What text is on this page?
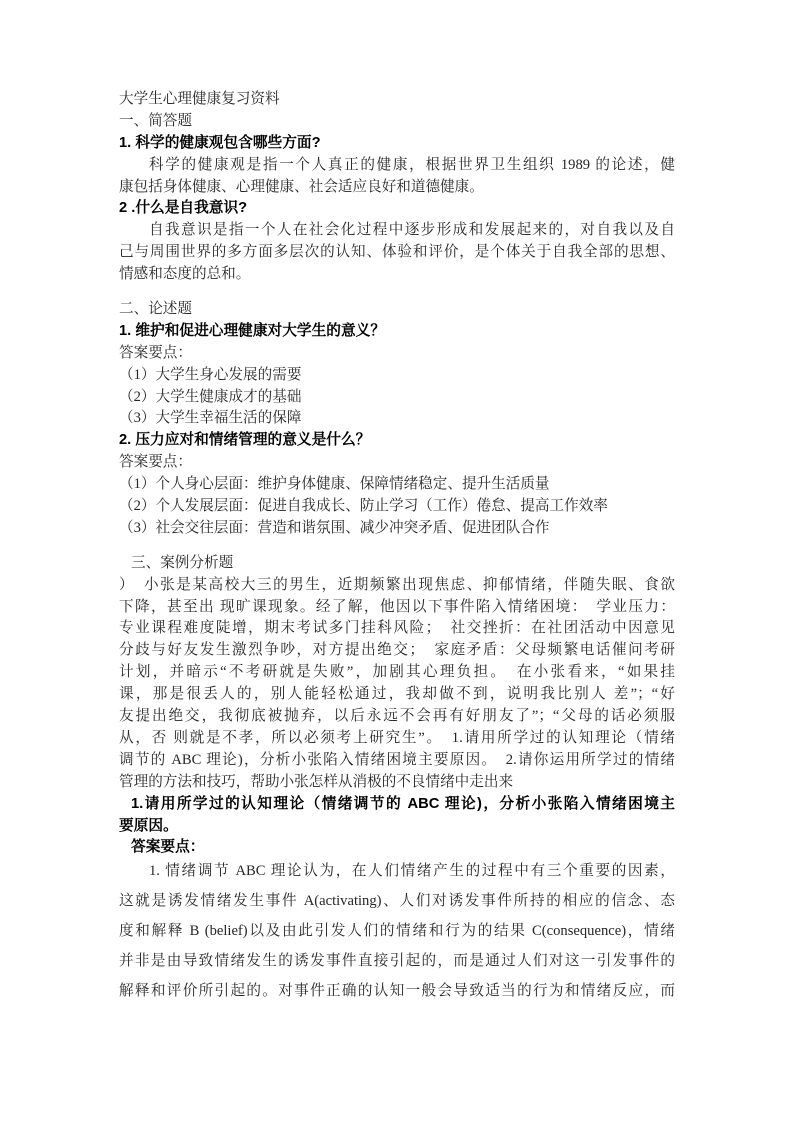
大学生心理健康复习资料
一、简答题
1. 科学的健康观包含哪些方面?
科学的健康观是指一个人真正的健康，根据世界卫生组织 1989 的论述，健
康包括身体健康、心理健康、社会适应良好和道德健康。
2 .什么是自我意识?
自我意识是指一个人在社会化过程中逐步形成和发展起来的，对自我以及自
己与周围世界的多方面多层次的认知、体验和评价，是个体关于自我全部的思想、
情感和态度的总和。
二、论述题
1. 维护和促进心理健康对大学生的意义？
答案要点：
（1）大学生身心发展的需要
（2）大学生健康成才的基础
（3）大学生幸福生活的保障
2. 压力应对和情绪管理的意义是什么？
答案要点：
（1）个人身心层面：维护身体健康、保障情绪稳定、提升生活质量
（2）个人发展层面：促进自我成长、防止学习（工作）倦怠、提高工作效率
（3）社会交往层面：营造和谐氛围、减少冲突矛盾、促进团队合作
三、案例分析题
）　小张是某高校大三的男生，近期频繁出现焦虑、抑郁情绪，伴随失眠、食欲
下降，甚至出 现旷课现象。经了解，他因以下事件陷入情绪困境：　学业压力：
专业课程难度陡增，期末考试多门挂科风险；　社交挫折：在社团活动中因意见
分歧与好友发生激烈争吵，对方提出绝交；　家庭矛盾：父母频繁电话催问考研
计划，并暗示“不考研就是失败”，加剧其心理负担。　在小张看来，“如果挂
课，那是很丢人的，别人能轻松通过，我却做不到，说明我比别人 差”；“好
友提出绝交，我彻底被抛弃，以后永远不会再有好朋友了”；“父母的话必须服
从，否 则就是不孝，所以必须考上研究生”。　1.请用所学过的认知理论（情绪
调节的 ABC 理论)，分析小张陷入情绪困境主要原因。　2.请你运用所学过的情绪
管理的方法和技巧，帮助小张怎样从消极的不良情绪中走出来
1.请用所学过的认知理论（情绪调节的 ABC 理论)，分析小张陷入情绪困境主
要原因。
答案要点：
1. 情绪调节 ABC 理论认为，在人们情绪产生的过程中有三个重要的因素，
这就是诱发情绪发生事件 A(activating)、人们对诱发事件所持的相应的信念、态
度和解释 B (belief)以及由此引发人们的情绪和行为的结果 C(consequence)，情绪
并非是由导致情绪发生的诱发事件直接引起的，而是通过人们对这一引发事件的
解释和评价所引起的。对事件正确的认知一般会导致适当的行为和情绪反应，而
